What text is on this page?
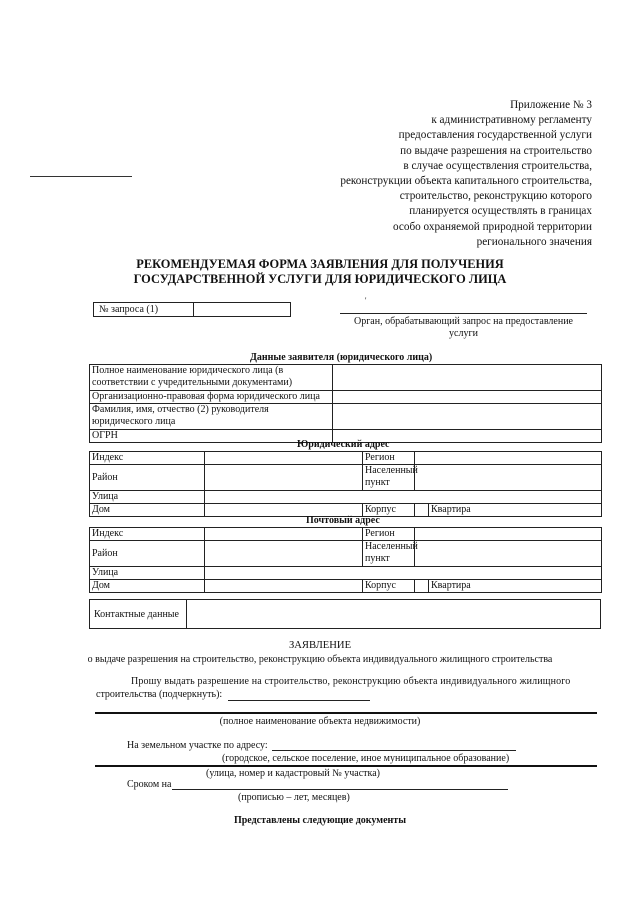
Приложение № 3
к административному регламенту
предоставления государственной услуги
по выдаче разрешения на строительство
в случае осуществления строительства,
реконструкции объекта капитального строительства,
строительство, реконструкцию которого
планируется осуществлять в границах
особо охраняемой природной территории
регионального значения
РЕКОМЕНДУЕМАЯ ФОРМА ЗАЯВЛЕНИЯ ДЛЯ ПОЛУЧЕНИЯ
ГОСУДАРСТВЕННОЙ УСЛУГИ ДЛЯ ЮРИДИЧЕСКОГО ЛИЦА
№ запроса (1)
'
Орган, обрабатывающий запрос на предоставление услуги
Данные заявителя (юридического лица)
Полное наименование юридического лица (в соответствии с учредительными документами)	
Организационно-правовая форма юридического лица	
Фамилия, имя, отчество (2) руководителя юридического лица	
ОГРН	
Юридический адрес
Индекс		Регион		
Район		Населенный пункт		
Улица				
Дом		Корпус		Квартира
Почтовый адрес
Индекс		Регион		
Район		Населенный пункт		
Улица				
Дом		Корпус		Квартира
Контактные данные
ЗАЯВЛЕНИЕ
о выдаче разрешения на строительство, реконструкцию объекта индивидуального жилищного строительства
Прошу выдать разрешение на строительство, реконструкцию объекта индивидуального жилищного
строительства (подчеркнуть):
(полное наименование объекта недвижимости)
На земельном участке по адресу:
(городское, сельское поселение, иное муниципальное образование)
(улица, номер и кадастровый № участка)
Сроком на
(прописью – лет, месяцев)
Представлены следующие документы
